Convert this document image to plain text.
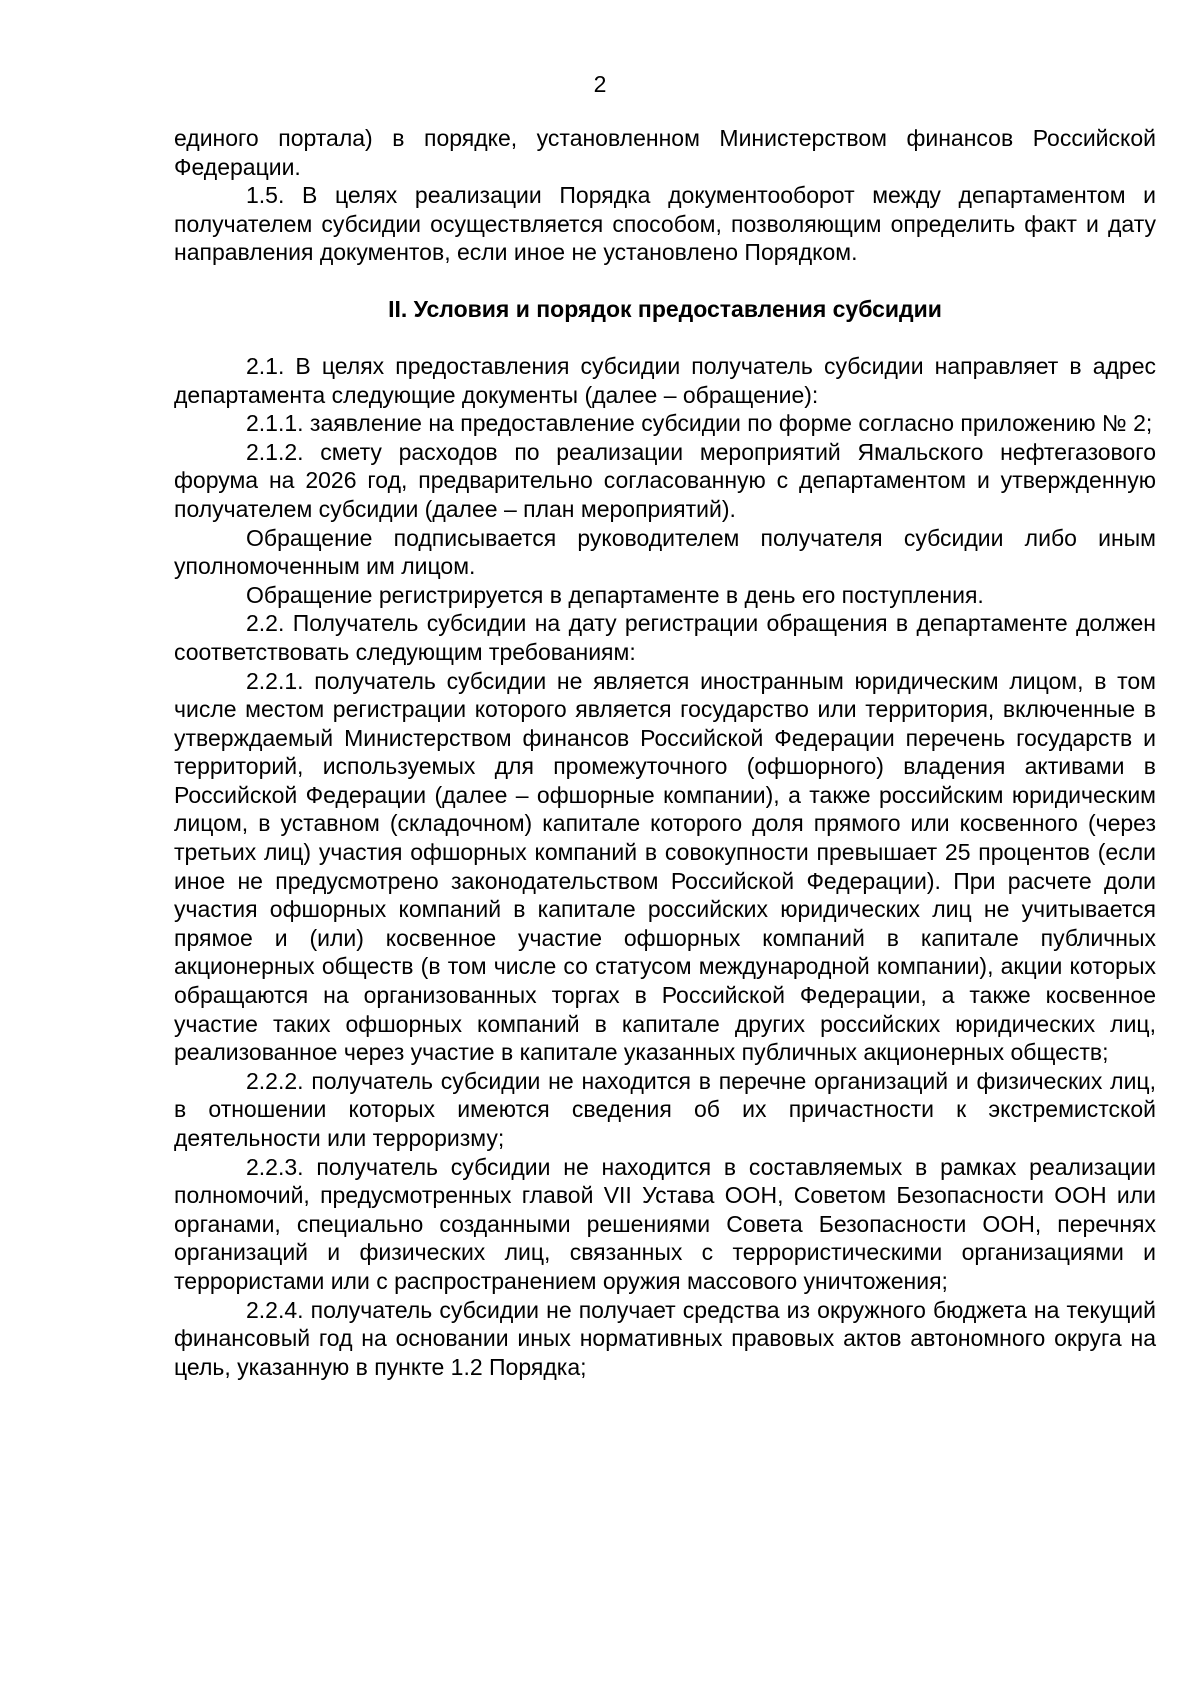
2

единого портала) в порядке, установленном Министерством финансов Российской Федерации.

1.5. В целях реализации Порядка документооборот между департаментом и получателем субсидии осуществляется способом, позволяющим определить факт и дату направления документов, если иное не установлено Порядком.

II. Условия и порядок предоставления субсидии

2.1. В целях предоставления субсидии получатель субсидии направляет в адрес департамента следующие документы (далее – обращение):

2.1.1. заявление на предоставление субсидии по форме согласно приложению № 2;

2.1.2. смету расходов по реализации мероприятий Ямальского нефтегазового форума на 2026 год, предварительно согласованную с департаментом и утвержденную получателем субсидии (далее – план мероприятий).

Обращение подписывается руководителем получателя субсидии либо иным уполномоченным им лицом.

Обращение регистрируется в департаменте в день его поступления.

2.2. Получатель субсидии на дату регистрации обращения в департаменте должен соответствовать следующим требованиям:

2.2.1. получатель субсидии не является иностранным юридическим лицом, в том числе местом регистрации которого является государство или территория, включенные в утверждаемый Министерством финансов Российской Федерации перечень государств и территорий, используемых для промежуточного (офшорного) владения активами в Российской Федерации (далее – офшорные компании), а также российским юридическим лицом, в уставном (складочном) капитале которого доля прямого или косвенного (через третьих лиц) участия офшорных компаний в совокупности превышает 25 процентов (если иное не предусмотрено законодательством Российской Федерации). При расчете доли участия офшорных компаний в капитале российских юридических лиц не учитывается прямое и (или) косвенное участие офшорных компаний в капитале публичных акционерных обществ (в том числе со статусом международной компании), акции которых обращаются на организованных торгах в Российской Федерации, а также косвенное участие таких офшорных компаний в капитале других российских юридических лиц, реализованное через участие в капитале указанных публичных акционерных обществ;

2.2.2. получатель субсидии не находится в перечне организаций и физических лиц, в отношении которых имеются сведения об их причастности к экстремистской деятельности или терроризму;

2.2.3. получатель субсидии не находится в составляемых в рамках реализации полномочий, предусмотренных главой VII Устава ООН, Советом Безопасности ООН или органами, специально созданными решениями Совета Безопасности ООН, перечнях организаций и физических лиц, связанных с террористическими организациями и террористами или с распространением оружия массового уничтожения;

2.2.4. получатель субсидии не получает средства из окружного бюджета на текущий финансовый год на основании иных нормативных правовых актов автономного округа на цель, указанную в пункте 1.2 Порядка;
